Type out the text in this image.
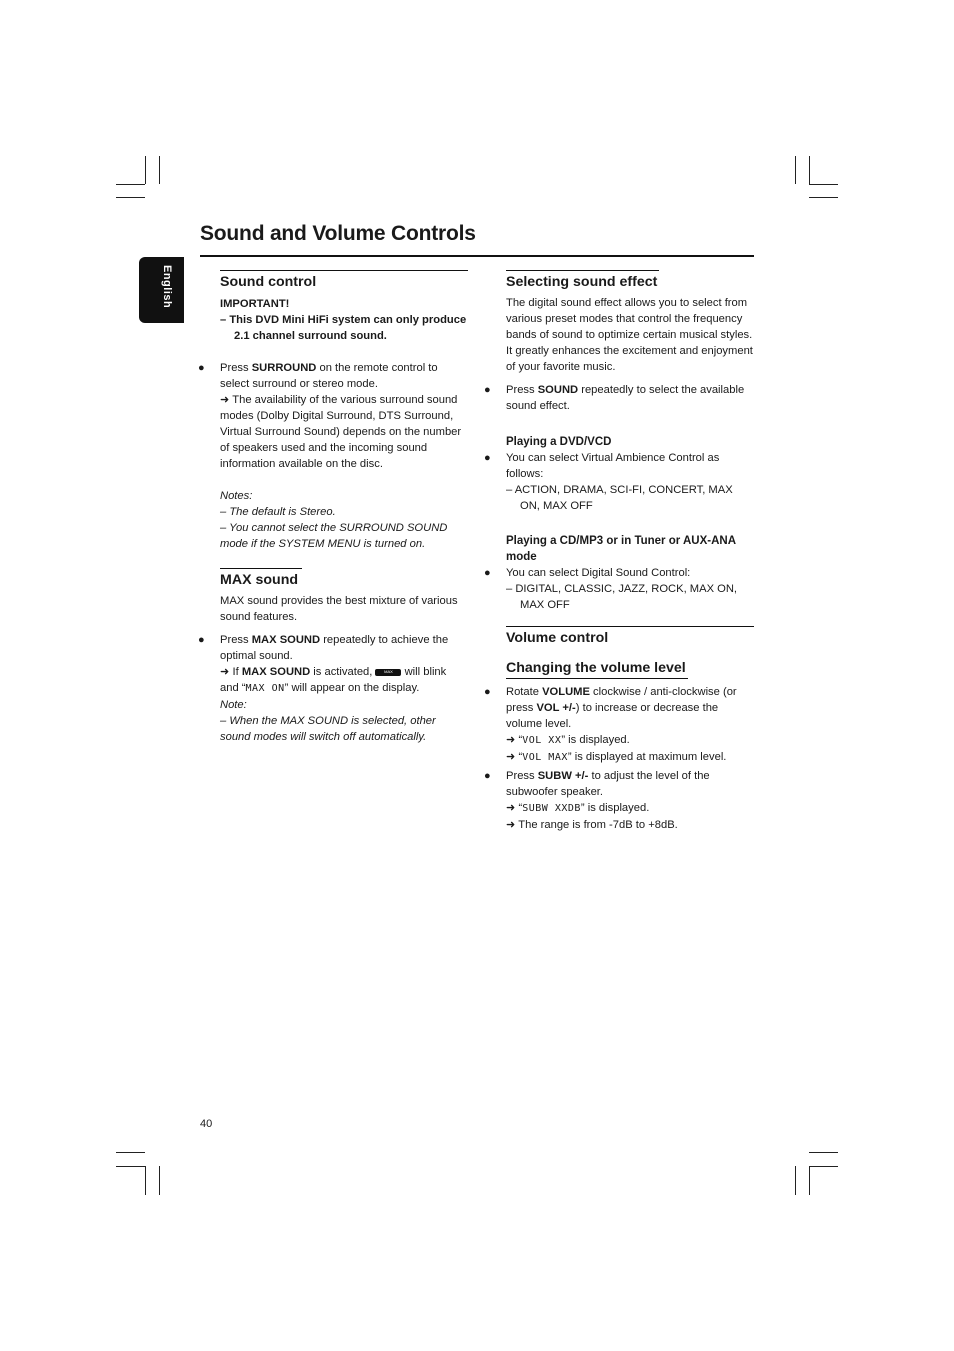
Sound and Volume Controls
English	Sound control

IMPORTANT!

– This DVD Mini HiFi system can only produce 2.1 channel surround sound.

● Press SURROUND on the remote control to select surround or stereo mode.

➜ The availability of the various surround sound modes (Dolby Digital Surround, DTS Surround, Virtual Surround Sound) depends on the number of speakers used and the incoming sound information available on the disc.

Notes:

– The default is Stereo.

– You cannot select the SURROUND SOUND mode if the SYSTEM MENU is turned on.

MAX sound

MAX sound provides the best mixture of various sound features.

● Press MAX SOUND repeatedly to achieve the optimal sound.

➜ If MAX SOUND is activated,	MAX will blink and “MAX ON” will appear on the display.

Note:

– When the MAX SOUND is selected, other sound modes will switch off automatically.

Selecting sound effect

The digital sound effect allows you to select from various preset modes that control the frequency bands of sound to optimize certain musical styles. It greatly enhances the excitement and enjoyment of your favorite music.

● Press SOUND repeatedly to select the available sound effect.

Playing a DVD/VCD

● You can select Virtual Ambience Control as follows:

– ACTION, DRAMA, SCI-FI, CONCERT, MAX ON, MAX OFF

Playing a CD/MP3 or in Tuner or AUX-ANA mode

● You can select Digital Sound Control:

– DIGITAL, CLASSIC, JAZZ, ROCK, MAX ON, MAX OFF

Volume control
Changing the volume level

● Rotate VOLUME clockwise / anti-clockwise (or press VOL +/-) to increase or decrease the volume level.

➜ “VOL XX” is displayed.

➜ “VOL MAX” is displayed at maximum level.

● Press SUBW +/- to adjust the level of the subwoofer speaker.

➜ “SUBW XXDB” is displayed.

➜ The range is from -7dB to +8dB.

40
